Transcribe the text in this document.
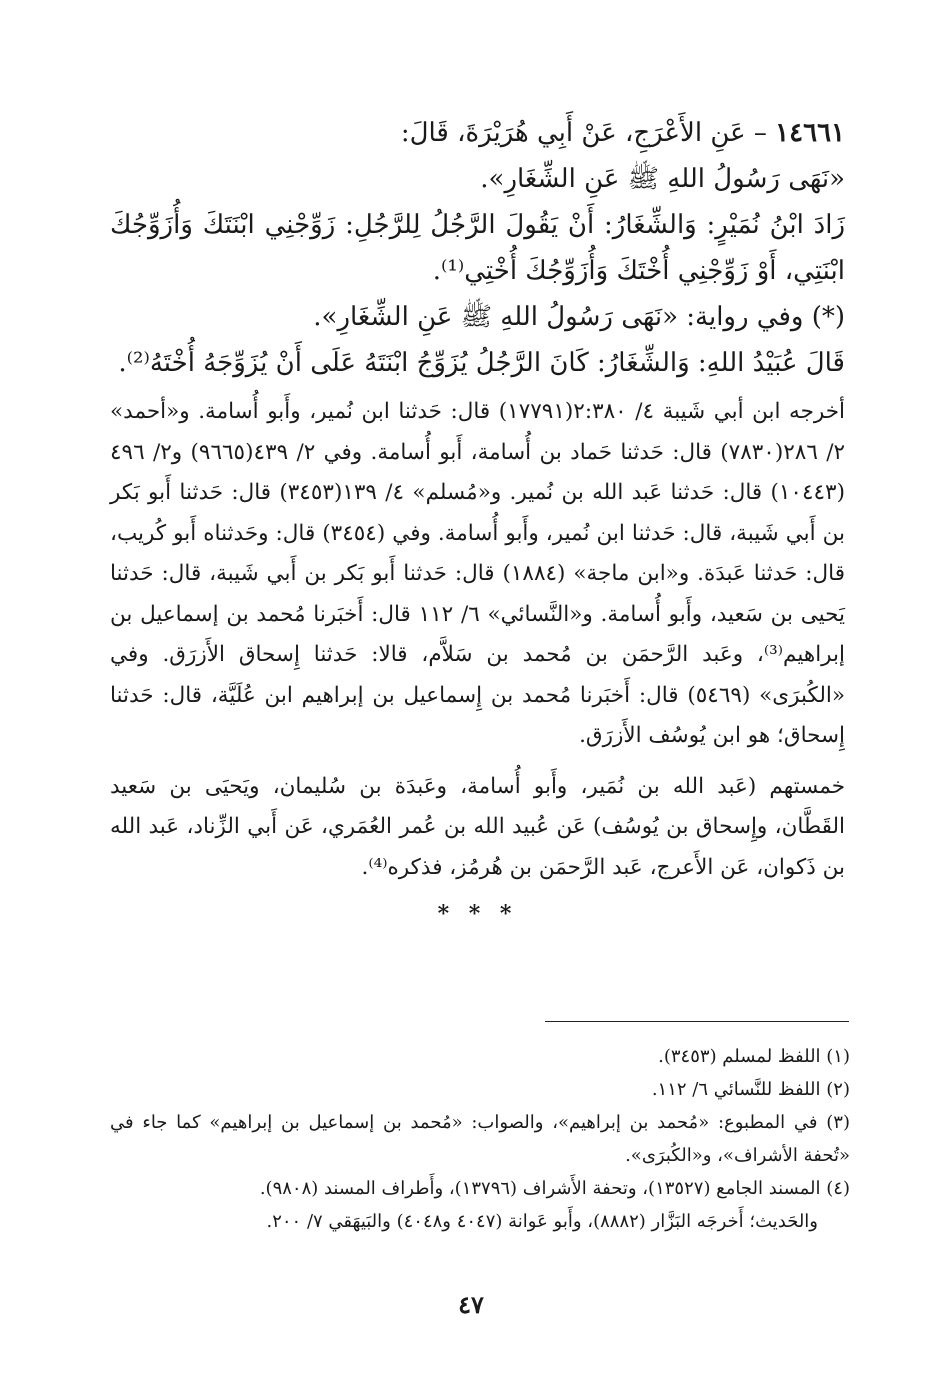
١٤٦٦١ – عَنِ الأَعْرَجِ، عَنْ أَبِي هُرَيْرَةَ، قَالَ:

«نَهَى رَسُولُ اللهِ ﷺ عَنِ الشِّغَارِ».

زَادَ ابْنُ نُمَيْرٍ: وَالشِّغَارُ: أَنْ يَقُولَ الرَّجُلُ لِلرَّجُلِ: زَوِّجْنِي ابْنَتَكَ وَأُزَوِّجُكَ ابْنَتِي، أَوْ زَوِّجْنِي أُخْتَكَ وَأُزَوِّجُكَ أُخْتِي⁽¹⁾.

(*) وفي رواية: «نَهَى رَسُولُ اللهِ ﷺ عَنِ الشِّغَارِ».

قَالَ عُبَيْدُ اللهِ: وَالشِّغَارُ: كَانَ الرَّجُلُ يُزَوِّجُ ابْنَتَهُ عَلَى أَنْ يُزَوِّجَهُ أُخْتَهُ⁽²⁾.

أخرجه ابن أبي شَيبة ٤/ ٢:٣٨٠(١٧٧٩١) قال: حَدثنا ابن نُمير، وأَبو أُسامة. و«أحمد» ٢/ ٢٨٦(٧٨٣٠) قال: حَدثنا حَماد بن أُسامة، أَبو أُسامة. وفي ٢/ ٤٣٩(٩٦٦٥) و٢/ ٤٩٦ (١٠٤٤٣) قال: حَدثنا عَبد الله بن نُمير. و«مُسلم» ٤/ ١٣٩(٣٤٥٣) قال: حَدثنا أَبو بَكر بن أَبي شَيبة، قال: حَدثنا ابن نُمير، وأَبو أُسامة. وفي (٣٤٥٤) قال: وحَدثناه أَبو كُريب، قال: حَدثنا عَبدَة. و«ابن ماجة» (١٨٨٤) قال: حَدثنا أَبو بَكر بن أَبي شَيبة، قال: حَدثنا يَحيى بن سَعيد، وأَبو أُسامة. و«النَّسائي» ٦/ ١١٢ قال: أَخبَرنا مُحمد بن إسماعيل بن إبراهيم⁽³⁾، وعَبد الرَّحمَن بن مُحمد بن سَلاَّم، قالا: حَدثنا إِسحاق الأَزرَق. وفي «الكُبرَى» (٥٤٦٩) قال: أَخبَرنا مُحمد بن إِسماعيل بن إبراهيم ابن عُلَيَّة، قال: حَدثنا إِسحاق؛ هو ابن يُوسُف الأَزرَق.

خمستهم (عَبد الله بن نُمَير، وأَبو أُسامة، وعَبدَة بن سُليمان، ويَحيَى بن سَعيد القَطَّان، وإِسحاق بن يُوسُف) عَن عُبيد الله بن عُمر العُمَري، عَن أَبي الزِّناد، عَبد الله بن ذَكوان، عَن الأَعرج، عَبد الرَّحمَن بن هُرمُز، فذكره⁽⁴⁾.

* * *

(١) اللفظ لمسلم (٣٤٥٣).

(٢) اللفظ للنَّسائي ٦/ ١١٢.

(٣) في المطبوع: «مُحمد بن إبراهيم»، والصواب: «مُحمد بن إسماعيل بن إبراهيم» كما جاء في «تُحفة الأشراف»، و«الكُبرَى».

(٤) المسند الجامع (١٣٥٢٧)، وتحفة الأَشراف (١٣٧٩٦)، وأَطراف المسند (٩٨٠٨).

والحَديث؛ أَخرجَه البَزَّار (٨٨٨٢)، وأَبو عَوانة (٤٠٤٧ و٤٠٤٨) والبَيهَقي ٧/ ٢٠٠.

٤٧
